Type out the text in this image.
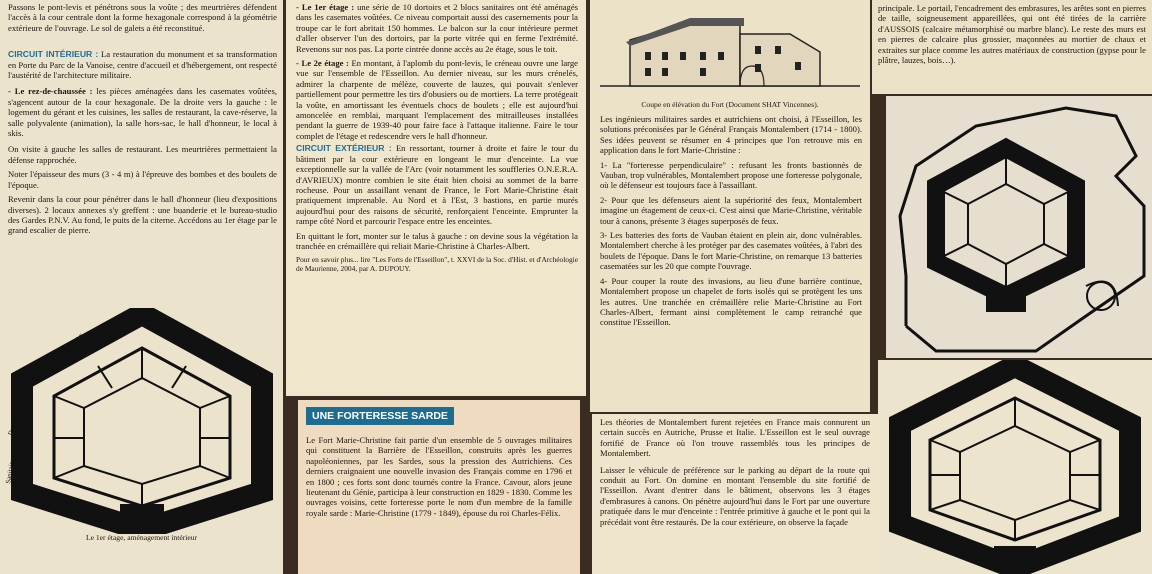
Passons le pont-levis et pénétrons sous la voûte ; des meurtrières défendent l'accès à la cour centrale dont la forme hexagonale correspond à la géométrie extérieure de l'ouvrage. Le sol de galets a été reconstitué.

CIRCUIT INTÉRIEUR : La restauration du monument et sa transformation en Porte du Parc de la Vanoise, centre d'accueil et d'hébergement, ont respecté l'austérité de l'architecture militaire.

- Le rez-de-chaussée : les pièces aménagées dans les casemates voûtées, s'agencent autour de la cour hexagonale. De la droite vers la gauche : le logement du gérant et les cuisines, les salles de restaurant, la cave-réserve, la salle polyvalente (animation), la salle hors-sac, le hall d'honneur, le local à skis.

On visite à gauche les salles de restaurant. Les meurtrières permettaient la défense rapprochée.

Noter l'épaisseur des murs (3 - 4 m) à l'épreuve des bombes et des boulets de l'époque.

Revenir dans la cour pour pénétrer dans le hall d'honneur (lieu d'expositions diverses). 2 locaux annexes s'y greffent : une buanderie et le bureau-studio des Gardes P.N.V. Au fond, le puits de la citerne. Accédons au 1er étage par le grand escalier de pierre.

Sanitaires
Dortoirs
Dortoirs
Dortoirs
Sanitaires
Le 1er étage, aménagement intérieur

- Le 1er étage : une série de 10 dortoirs et 2 blocs sanitaires ont été aménagés dans les casemates voûtées. Ce niveau comportait aussi des casernements pour la troupe car le fort abritait 150 hommes. Le balcon sur la cour intérieure permet d'aller observer l'un des dortoirs, par la porte vitrée qui en ferme l'extrémité. Revenons sur nos pas. La porte cintrée donne accès au 2e étage, sous le toit.

- Le 2e étage : En montant, à l'aplomb du pont-levis, le créneau ouvre une large vue sur l'ensemble de l'Esseillon. Au dernier niveau, sur les murs crénelés, admirer la charpente de mélèze, couverte de lauzes, qui pouvait s'enlever partiellement pour permettre les tirs d'obusiers ou de mortiers. La terre protégeait la voûte, en amortissant les éventuels chocs de boulets ; elle est aujourd'hui amoncelée en remblai, marquant l'emplacement des mitrailleuses installées pendant la guerre de 1939-40 pour faire face à l'attaque italienne. Faire le tour complet de l'étage et redescendre vers le hall d'honneur.

CIRCUIT EXTÉRIEUR : En ressortant, tourner à droite et faire le tour du bâtiment par la cour extérieure en longeant le mur d'enceinte. La vue exceptionnelle sur la vallée de l'Arc (voir notamment les souffleries O.N.E.R.A. d'AVRIEUX) montre combien le site était bien choisi au sommet de la barre rocheuse. Pour un assaillant venant de France, le Fort Marie-Christine était pratiquement imprenable. Au Nord et à l'Est, 3 bastions, en partie murés aujourd'hui pour des raisons de sécurité, renforçaient l'enceinte. Emprunter la rampe côté Nord et parcourir l'espace entre les enceintes.

En quittant le fort, monter sur le talus à gauche : on devine sous la végétation la tranchée en crémaillère qui reliait Marie-Christine à Charles-Albert.

Pour en savoir plus... lire "Les Forts de l'Esseillon", t. XXVI de la Soc. d'Hist. et d'Archéologie de Maurienne, 2004, par A. DUPOUY.

UNE FORTERESSE SARDE

Le Fort Marie-Christine fait partie d'un ensemble de 5 ouvrages militaires qui constituent la Barrière de l'Esseillon, construits après les guerres napoléoniennes, par les Sardes, sous la pression des Autrichiens. Ces derniers craignaient une nouvelle invasion des Français comme en 1796 et en 1800 ; ces forts sont donc tournés contre la France. Cavour, alors jeune lieutenant du Génie, participa à leur construction en 1829 - 1830. Comme les ouvrages voisins, cette forteresse porte le nom d'un membre de la famille royale sarde : Marie-Christine (1779 - 1849), épouse du roi Charles-Félix.

Coupe en élévation du Fort (Document SHAT Vincennes).

Les ingénieurs militaires sardes et autrichiens ont choisi, à l'Esseillon, les solutions préconisées par le Général Français Montalembert (1714 - 1800). Ses idées peuvent se résumer en 4 principes que l'on retrouve mis en application dans le fort Marie-Christine :

1- La "forteresse perpendiculaire" : refusant les fronts bastionnés de Vauban, trop vulnérables, Montalembert propose une forteresse polygonale, où le défenseur est toujours face à l'assaillant.

2- Pour que les défenseurs aient la supériorité des feux, Montalembert imagine un étagement de ceux-ci. C'est ainsi que Marie-Christine, véritable tour à canons, présente 3 étages superposés de feux.

3- Les batteries des forts de Vauban étaient en plein air, donc vulnérables. Montalembert cherche à les protéger par des casemates voûtées, à l'abri des boulets de l'époque. Dans le fort Marie-Christine, on remarque 13 batteries casematées sur les 20 que compte l'ouvrage.

4- Pour couper la route des invasions, au lieu d'une barrière continue, Montalembert propose un chapelet de forts isolés qui se protègent les uns les autres. Une tranchée en crémaillère relie Marie-Christine au Fort Charles-Albert, fermant ainsi complètement le camp retranché que constitue l'Esseillon.

Les théories de Montalembert furent rejetées en France mais connurent un certain succès en Autriche, Prusse et Italie. L'Esseillon est le seul ouvrage fortifié de France où l'on trouve rassemblés tous les principes de Montalembert.

Laisser le véhicule de préférence sur le parking au départ de la route qui conduit au Fort. On domine en montant l'ensemble du site fortifié de l'Esseillon. Avant d'entrer dans le bâtiment, observons les 3 étages d'embrasures à canons. On pénètre aujourd'hui dans le Fort par une ouverture pratiquée dans le mur d'enceinte : l'entrée primitive à gauche et le pont qui la précédait vont être restaurés. De la cour extérieure, on observe la façade

principale. Le portail, l'encadrement des embrasures, les arêtes sont en pierres de taille, soigneusement appareillées, qui ont été tirées de la carrière d'AUSSOIS (calcaire métamorphisé ou marbre blanc). Le reste des murs est en pierres de calcaire plus grossier, maçonnées au mortier de chaux et extraites sur place comme les autres matériaux de construction (gypse pour le plâtre, lauzes, bois…).
